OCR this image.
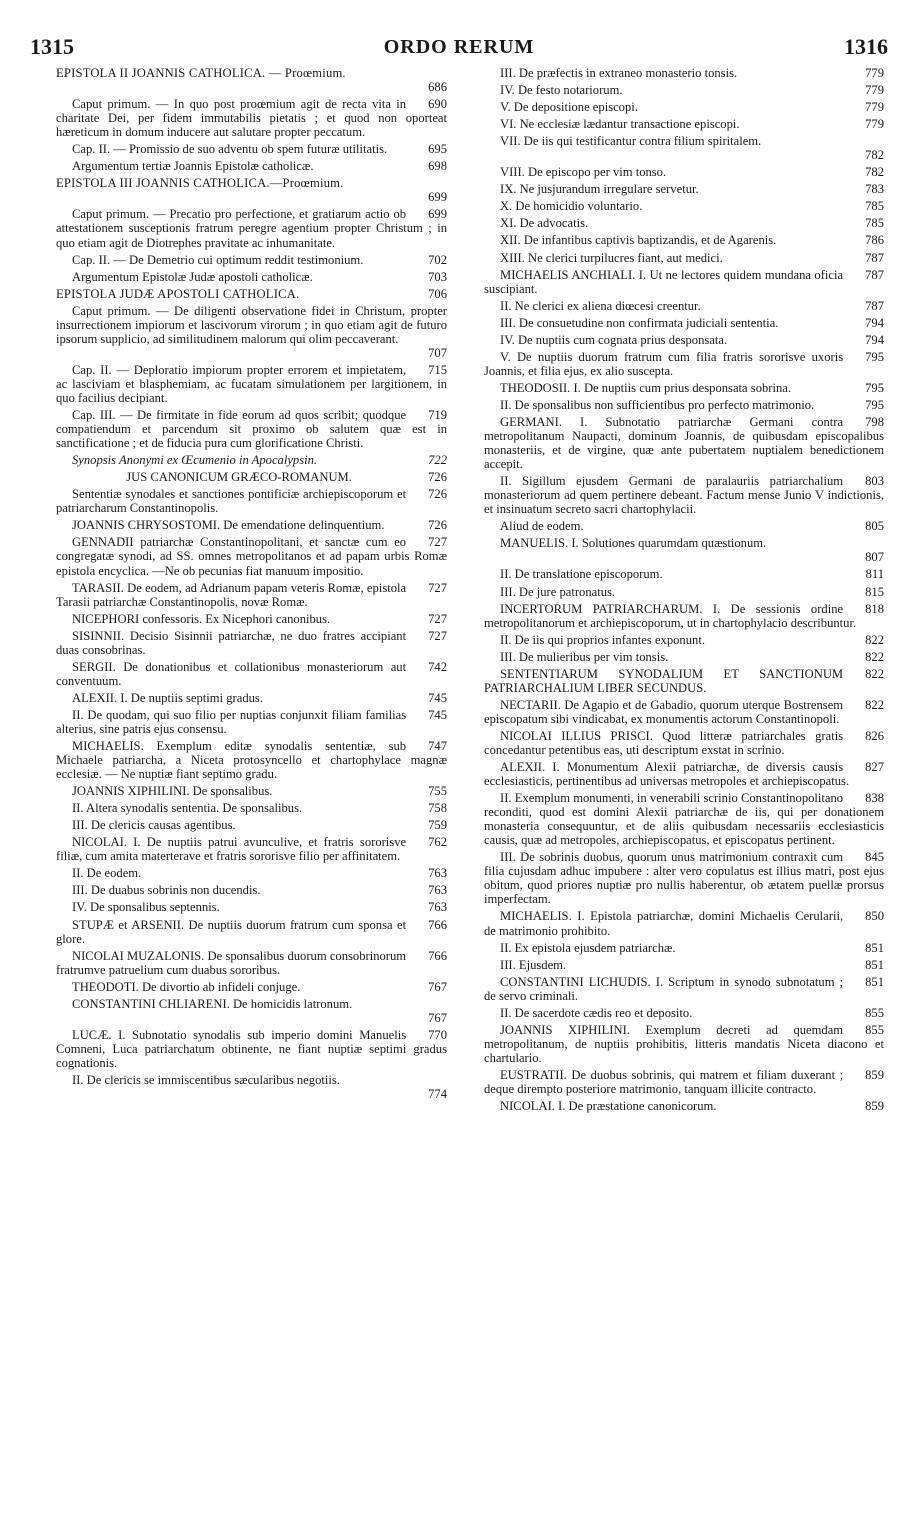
1315	ORDO RERUM	1316
EPISTOLA II JOANNIS CATHOLICA. — Proœmium.
686
690
Caput primum. — In quo post proœmium agit de recta vita in charitate Dei, per fidem immutabilis pietatis ; et quod non oporteat hæreticum in domum inducere aut salutare propter peccatum.
695
Cap. II. — Promissio de suo adventu ob spem futuræ utilitatis.
698
Argumentum tertiæ Joannis Epistolæ catholicæ.
EPISTOLA III JOANNIS CATHOLICA.—Proœmium.
699
699
Caput primum. — Precatio pro perfectione, et gratiarum actio ob attestationem susceptionis fratrum peregre agentium propter Christum ; in quo etiam agit de Diotrephes pravitate ac inhumanitate.
702
Cap. II. — De Demetrio cui optimum reddit testimonium.
703
Argumentum Epistolæ Judæ apostoli catholicæ.
706
EPISTOLA JUDÆ APOSTOLI CATHOLICA.
Caput primum. — De diligenti observatione fidei in Christum, propter insurrectionem impiorum et lascivorum virorum ; in quo etiam agit de futuro ipsorum supplicio, ad similitudinem malorum qui olim peccaverant.
707
715
Cap. II. — Deploratio impiorum propter errorem et impietatem, ac lasciviam et blasphemiam, ac fucatam simulationem per largitionem, in quo facilius decipiant.
719
Cap. III. — De firmitate in fide eorum ad quos scribit; quodque compatiendum et parcendum sit proximo ob salutem quæ est in sanctificatione ; et de fiducia pura cum glorificatione Christi.
722
Synopsis Anonymi ex Œcumenio in Apocalypsin.
726
JUS CANONICUM GRÆCO-ROMANUM.
726
Sententiæ synodales et sanctiones pontificiæ archiepiscoporum et patriarcharum Constantinopolis.
726
JOANNIS CHRYSOSTOMI. De emendatione delinquentium.
727
GENNADII patriarchæ Constantinopolitani, et sanctæ cum eo congregatæ synodi, ad SS. omnes metropolitanos et ad papam urbis Romæ epistola encyclica. —Ne ob pecunias fiat manuum impositio.
727
TARASII. De eodem, ad Adrianum papam veteris Romæ, epistola Tarasii patriarchæ Constantinopolis, novæ Romæ.
727
NICEPHORI confessoris. Ex Nicephori canonibus.
727
SISINNII. Decisio Sisinnii patriarchæ, ne duo fratres accipiant duas consobrinas.
742
SERGII. De donationibus et collationibus monasteriorum aut conventuum.
745
ALEXII. I. De nuptiis septimi gradus.
745
II. De quodam, qui suo filio per nuptias conjunxit filiam familias alterius, sine patris ejus consensu.
747
MICHAELIS. Exemplum editæ synodalis sententiæ, sub Michaele patriarcha, a Niceta protosyncello et chartophylace magnæ ecclesiæ. — Ne nuptiæ fiant septimo gradu.
755
JOANNIS XIPHILINI. De sponsalibus.
758
II. Altera synodalis sententia. De sponsalibus.
759
III. De clericis causas agentibus.
762
NICOLAI. I. De nuptiis patrui avunculive, et fratris sororisve filiæ, cum amita materterave et fratris sororisve filio per affinitatem.
763
II. De eodem.
763
III. De duabus sobrinis non ducendis.
763
IV. De sponsalibus septennis.
766
STUPÆ et ARSENII. De nuptiis duorum fratrum cum sponsa et glore.
766
NICOLAI MUZALONIS. De sponsalibus duorum consobrinorum fratrumve patruelium cum duabus sororibus.
767
THEODOTI. De divortio ab infideli conjuge.
CONSTANTINI CHLIARENI. De homicidis latronum.
767
770
LUCÆ. I. Subnotatio synodalis sub imperio domini Manuelis Comneni, Luca patriarchatum obtinente, ne fiant nuptiæ septimi gradus cognationis.
II. De clericis se immiscentibus sæcularibus negotiis.
774
779
III. De præfectis in extraneo monasterio tonsis.
779
IV. De festo notariorum.
779
V. De depositione episcopi.
779
VI. Ne ecclesiæ lædantur transactione episcopi.
VII. De iis qui testificantur contra filium spiritalem.
782
782
VIII. De episcopo per vim tonso.
783
IX. Ne jusjurandum irregulare servetur.
785
X. De homicidio voluntario.
785
XI. De advocatis.
786
XII. De infantibus captivis baptizandis, et de Agarenis.
787
XIII. Ne clerici turpilucres fiant, aut medici.
787
MICHAELIS ANCHIALI. I. Ut ne lectores quidem mundana oficia suscipiant.
787
II. Ne clerici ex aliena diœcesi creentur.
794
III. De consuetudine non confirmata judiciali sententia.
794
IV. De nuptiis cum cognata prius desponsata.
795
V. De nuptiis duorum fratrum cum filia fratris sororisve uxoris Joannis, et filia ejus, ex alio suscepta.
795
THEODOSII. I. De nuptiis cum prius desponsata sobrina.
795
II. De sponsalibus non sufficientibus pro perfecto matrimonio.
798
GERMANI. I. Subnotatio patriarchæ Germani contra metropolitanum Naupacti, dominum Joannis, de quibusdam episcopalibus monasteriis, et de virgine, quæ ante pubertatem nuptialem benedictionem accepit.
803
II. Sigillum ejusdem Germani de paralauriis patriarchalium monasteriorum ad quem pertinere debeant. Factum mense Junio V indictionis, et insinuatum secreto sacri chartophylacii.
805
Aliud de eodem.
MANUELIS. I. Solutiones quarumdam quæstionum.
807
811
II. De translatione episcoporum.
815
III. De jure patronatus.
818
INCERTORUM PATRIARCHARUM. I. De sessionis ordine metropolitanorum et archiepiscoporum, ut in chartophylacio describuntur.
822
II. De iis qui proprios infantes exponunt.
822
III. De mulieribus per vim tonsis.
822
SENTENTIARUM SYNODALIUM ET SANCTIONUM PATRIARCHALIUM LIBER SECUNDUS.
822
NECTARII. De Agapio et de Gabadio, quorum uterque Bostrensem episcopatum sibi vindicabat, ex monumentis actorum Constantinopoli.
826
NICOLAI ILLIUS PRISCI. Quod litteræ patriarchales gratis concedantur petentibus eas, uti descriptum exstat in scrinio.
827
ALEXII. I. Monumentum Alexii patriarchæ, de diversis causis ecclesiasticis, pertinentibus ad universas metropoles et archiepiscopatus.
838
II. Exemplum monumenti, in venerabili scrinio Constantinopolitano reconditi, quod est domini Alexii patriarchæ de iis, qui per donationem monasteria consequuntur, et de aliis quibusdam necessariis ecclesiasticis causis, quæ ad metropoles, archiepiscopatus, et episcopatus pertinent.
845
III. De sobrinis duobus, quorum unus matrimonium contraxit cum filia cujusdam adhuc impubere : alter vero copulatus est illius matri, post ejus obitum, quod priores nuptiæ pro nullis haberentur, ob ætatem puellæ prorsus imperfectam.
850
MICHAELIS. I. Epistola patriarchæ, domini Michaelis Cerularii, de matrimonio prohibito.
851
II. Ex epistola ejusdem patriarchæ.
851
III. Ejusdem.
851
CONSTANTINI LICHUDIS. I. Scriptum in synodo subnotatum ; de servo criminali.
855
II. De sacerdote cædis reo et deposito.
855
JOANNIS XIPHILINI. Exemplum decreti ad quemdam metropolitanum, de nuptiis prohibitis, litteris mandatis Niceta diacono et chartulario.
859
EUSTRATII. De duobus sobrinis, qui matrem et filiam duxerant ; deque dirempto posteriore matrimonio, tanquam illicite contracto.
859
NICOLAI. I. De præstatione canonicorum.
